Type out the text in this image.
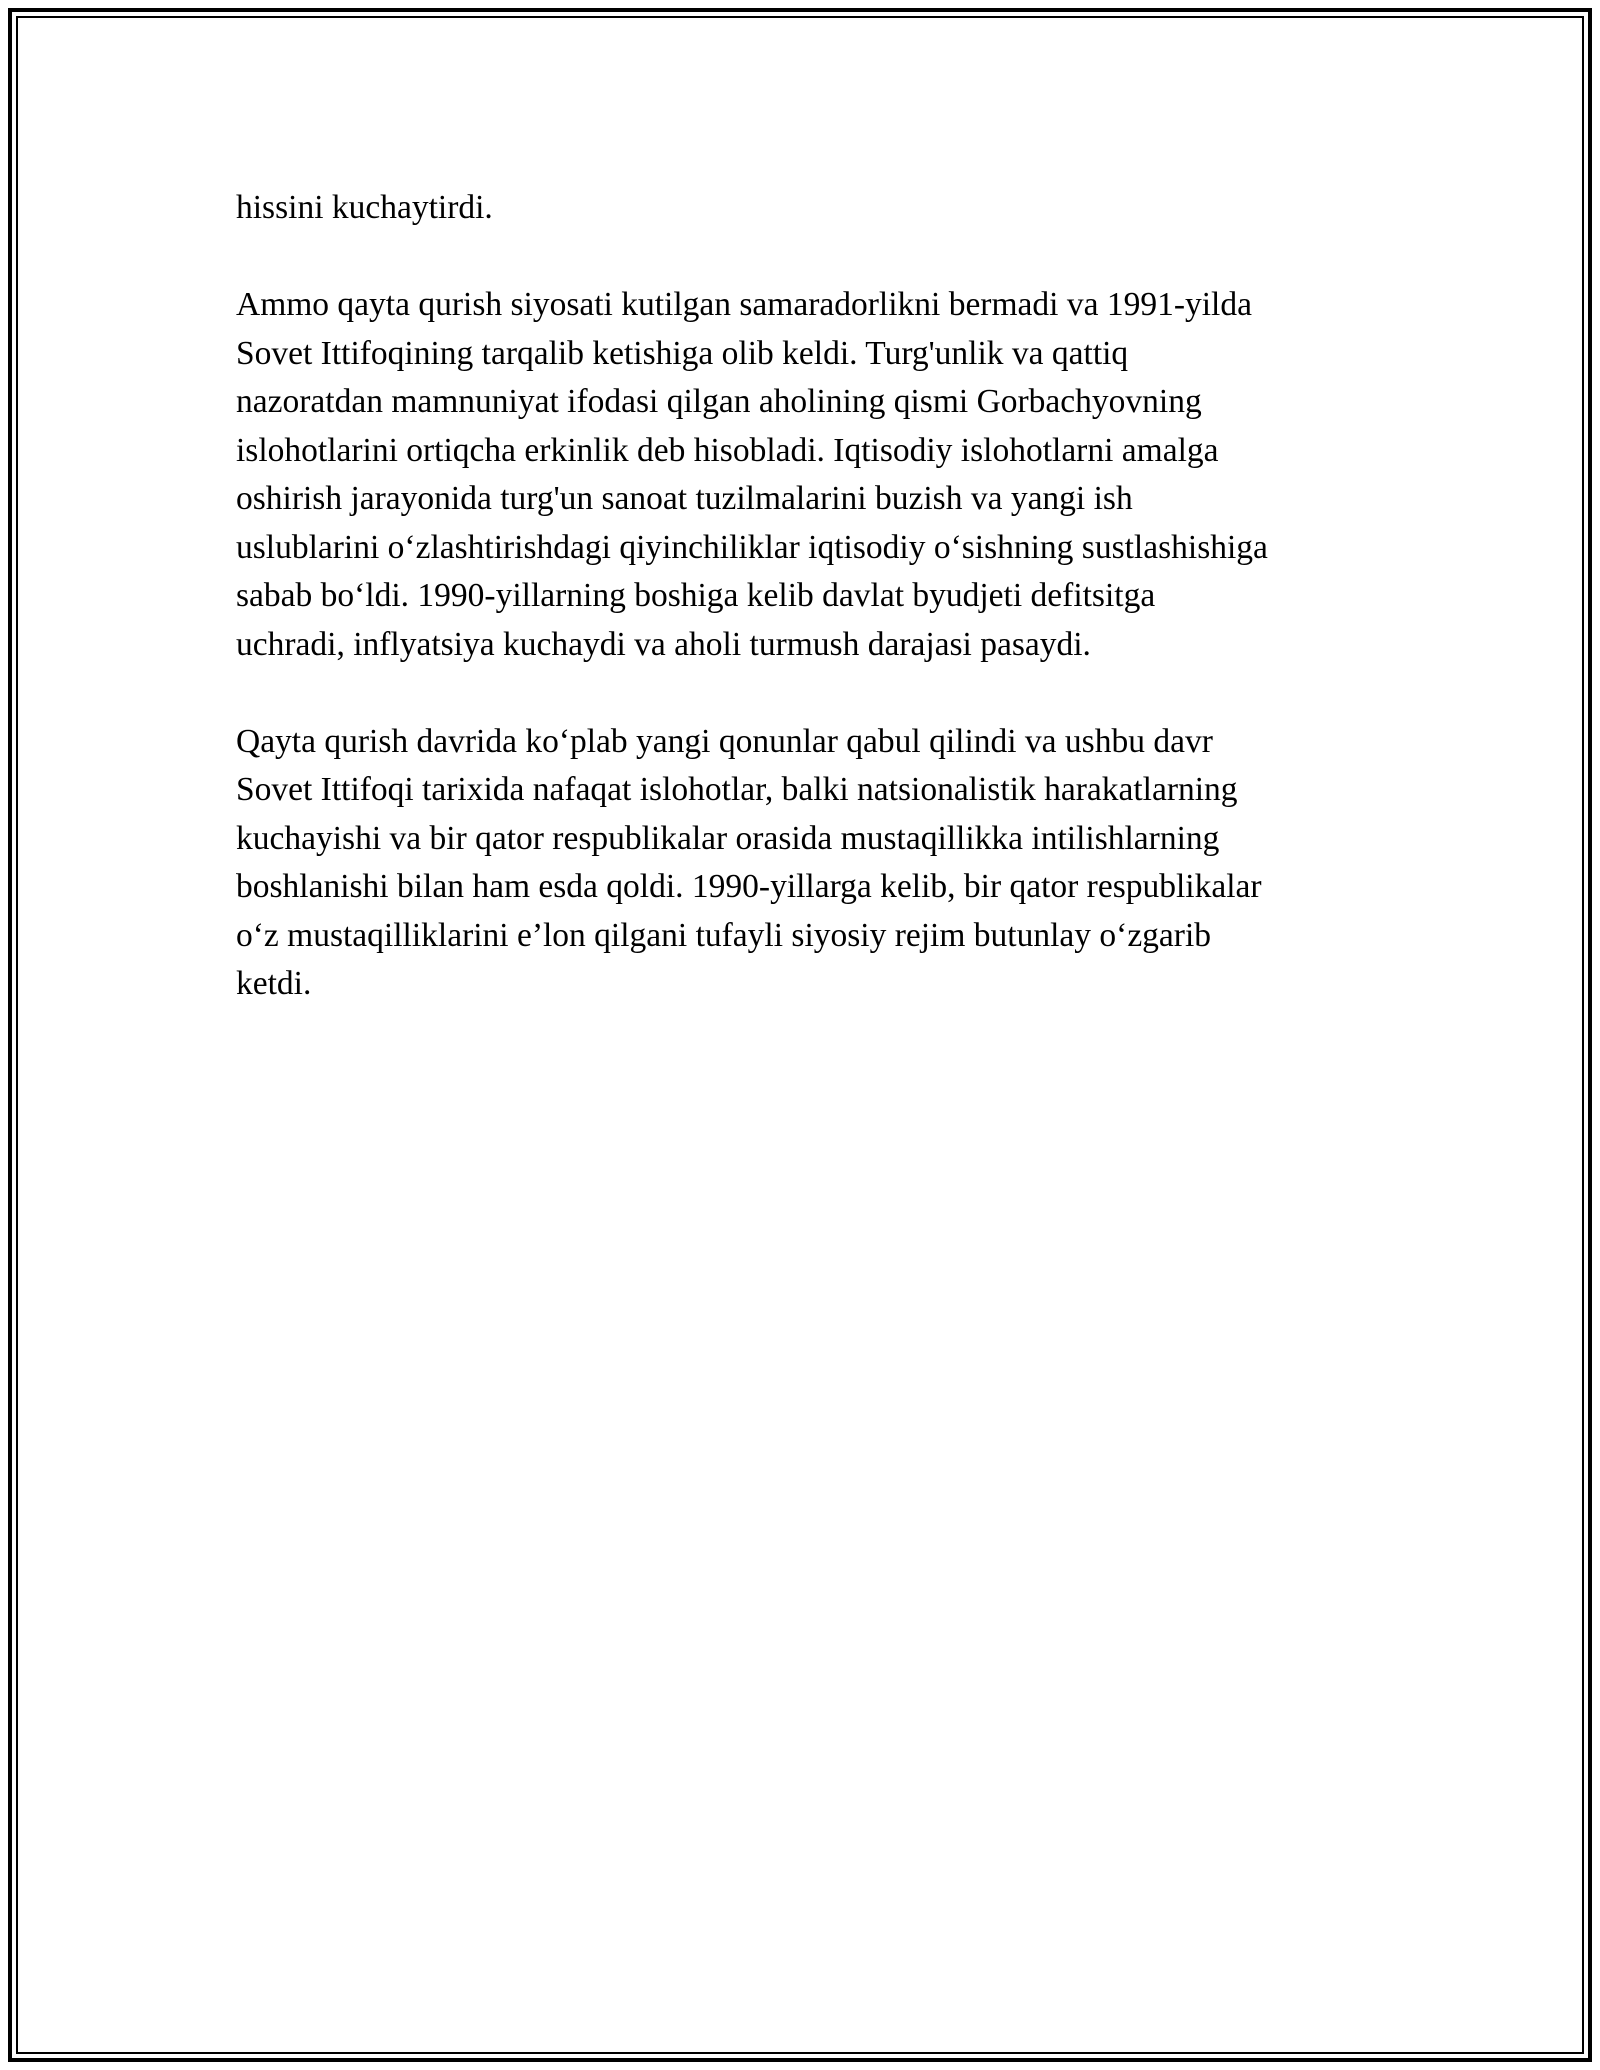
hissini kuchaytirdi.

Ammo qayta qurish siyosati kutilgan samaradorlikni bermadi va 1991-yilda
Sovet Ittifoqining tarqalib ketishiga olib keldi. Turg'unlik va qattiq
nazoratdan mamnuniyat ifodasi qilgan aholining qismi Gorbachyovning
islohotlarini ortiqcha erkinlik deb hisobladi. Iqtisodiy islohotlarni amalga
oshirish jarayonida turg'un sanoat tuzilmalarini buzish va yangi ish
uslublarini o‘zlashtirishdagi qiyinchiliklar iqtisodiy o‘sishning sustlashishiga
sabab bo‘ldi. 1990-yillarning boshiga kelib davlat byudjeti defitsitga
uchradi, inflyatsiya kuchaydi va aholi turmush darajasi pasaydi.

Qayta qurish davrida ko‘plab yangi qonunlar qabul qilindi va ushbu davr
Sovet Ittifoqi tarixida nafaqat islohotlar, balki natsionalistik harakatlarning
kuchayishi va bir qator respublikalar orasida mustaqillikka intilishlarning
boshlanishi bilan ham esda qoldi. 1990-yillarga kelib, bir qator respublikalar
o‘z mustaqilliklarini e’lon qilgani tufayli siyosiy rejim butunlay o‘zgarib
ketdi.
